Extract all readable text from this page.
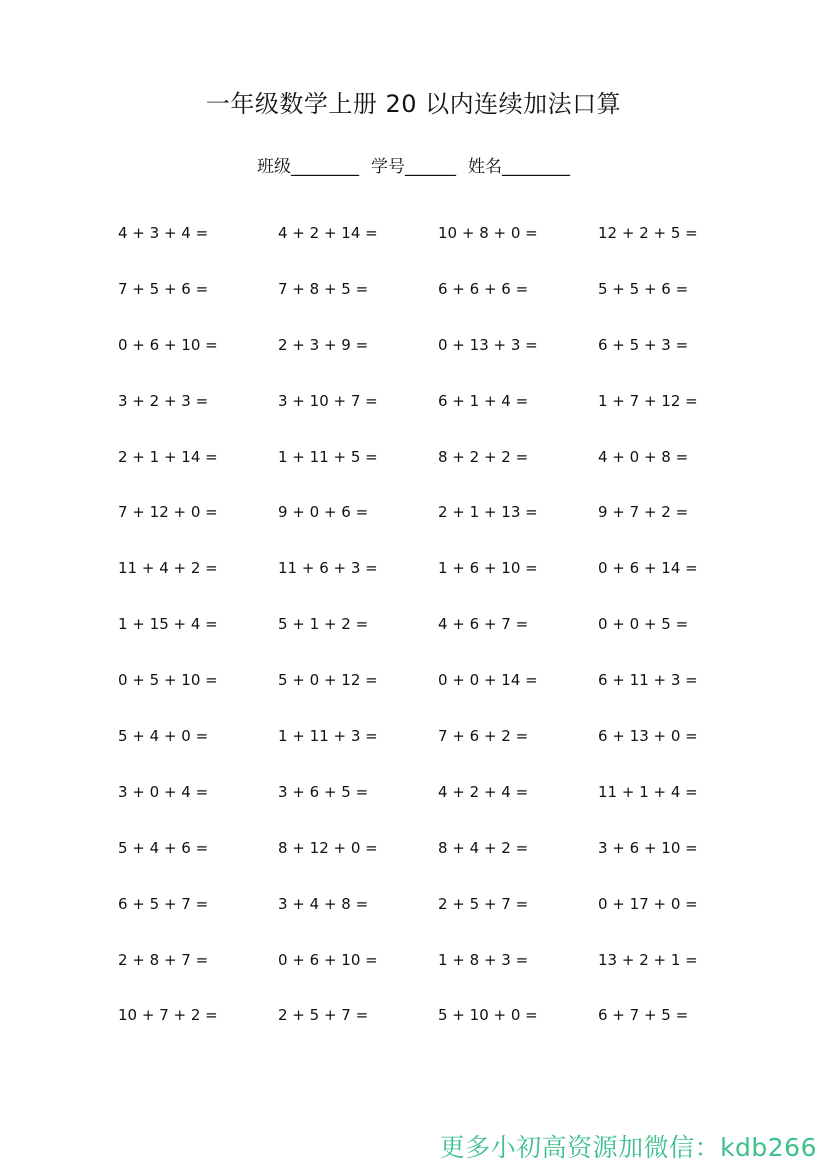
一年级数学上册 20 以内连续加法口算
班级________ 学号______ 姓名________
4 + 3 + 4 =	4 + 2 + 14 =	10 + 8 + 0 =	12 + 2 + 5 =
7 + 5 + 6 =	7 + 8 + 5 =	6 + 6 + 6 =	5 + 5 + 6 =
0 + 6 + 10 =	2 + 3 + 9 =	0 + 13 + 3 =	6 + 5 + 3 =
3 + 2 + 3 =	3 + 10 + 7 =	6 + 1 + 4 =	1 + 7 + 12 =
2 + 1 + 14 =	1 + 11 + 5 =	8 + 2 + 2 =	4 + 0 + 8 =
7 + 12 + 0 =	9 + 0 + 6 =	2 + 1 + 13 =	9 + 7 + 2 =
11 + 4 + 2 =	11 + 6 + 3 =	1 + 6 + 10 =	0 + 6 + 14 =
1 + 15 + 4 =	5 + 1 + 2 =	4 + 6 + 7 =	0 + 0 + 5 =
0 + 5 + 10 =	5 + 0 + 12 =	0 + 0 + 14 =	6 + 11 + 3 =
5 + 4 + 0 =	1 + 11 + 3 =	7 + 6 + 2 =	6 + 13 + 0 =
3 + 0 + 4 =	3 + 6 + 5 =	4 + 2 + 4 =	11 + 1 + 4 =
5 + 4 + 6 =	8 + 12 + 0 =	8 + 4 + 2 =	3 + 6 + 10 =
6 + 5 + 7 =	3 + 4 + 8 =	2 + 5 + 7 =	0 + 17 + 0 =
2 + 8 + 7 =	0 + 6 + 10 =	1 + 8 + 3 =	13 + 2 + 1 =
10 + 7 + 2 =	2 + 5 + 7 =	5 + 10 + 0 =	6 + 7 + 5 =
更多小初高资源加微信：kdb266
